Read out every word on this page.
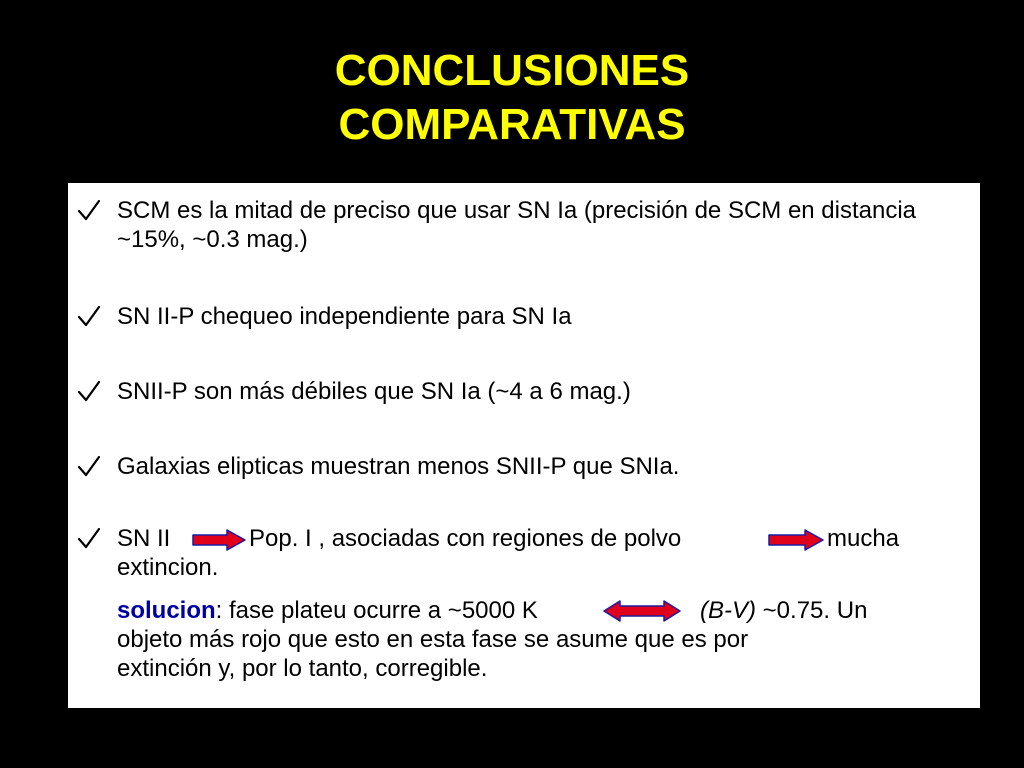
CONCLUSIONES
COMPARATIVAS
SCM es la mitad de preciso que usar SN Ia (precisión de SCM en distancia ~15%, ~0.3 mag.)
SN II-P chequeo independiente para SN Ia
SNII-P son más débiles que SN Ia (~4 a 6 mag.)
Galaxias elipticas muestran menos SNII-P que SNIa.
SN II	Pop. I , asociadas con regiones de polvo	mucha
extincion.
solucion: fase plateu ocurre a ~5000 K	(B-V) ~0.75. Un
objeto más rojo que esto en esta fase se asume que es por
extinción y, por lo tanto, corregible.
